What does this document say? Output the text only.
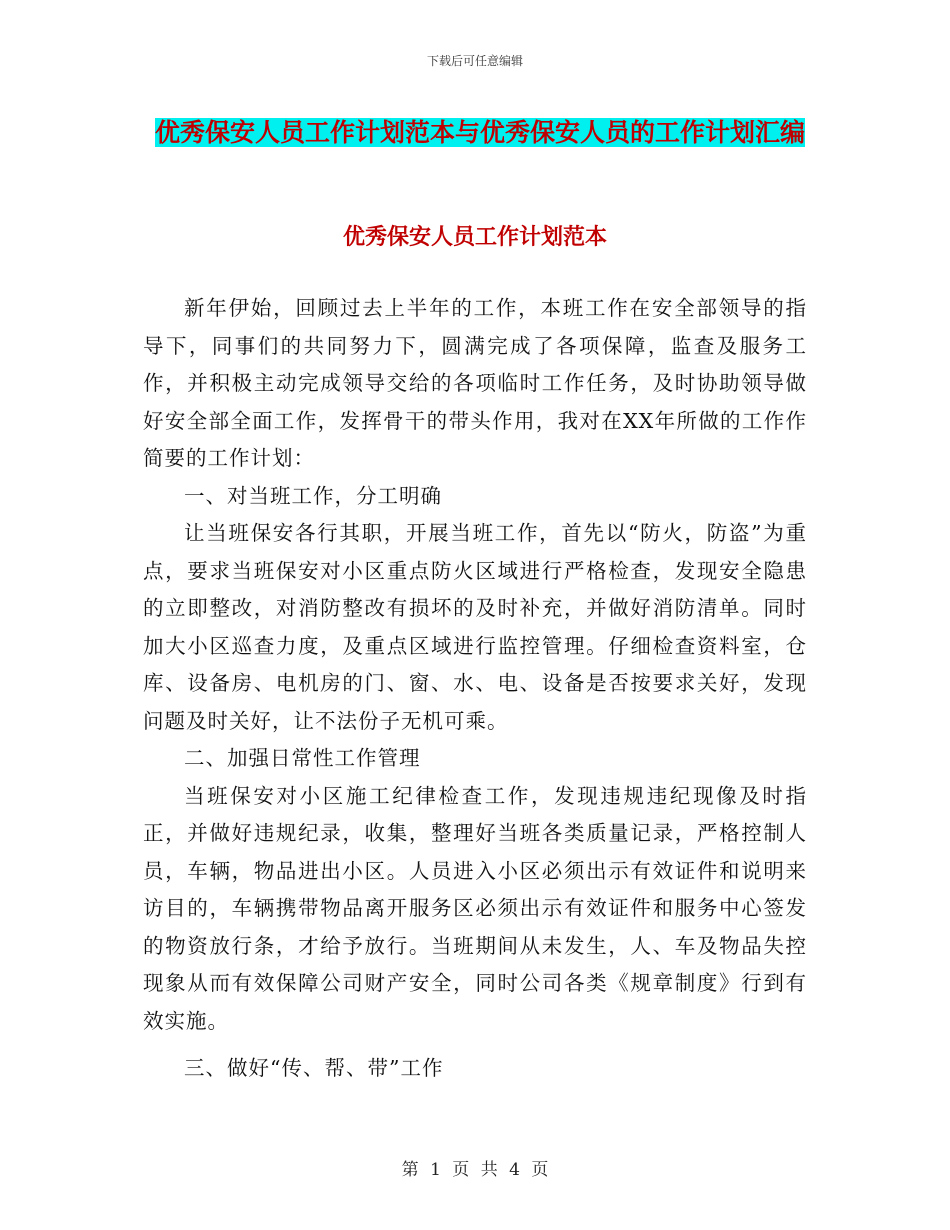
下载后可任意编辑
优秀保安人员工作计划范本与优秀保安人员的工作计划汇编
优秀保安人员工作计划范本

新年伊始，回顾过去上半年的工作，本班工作在安全部领导的指导下，同事们的共同努力下，圆满完成了各项保障，监查及服务工作，并积极主动完成领导交给的各项临时工作任务，及时协助领导做好安全部全面工作，发挥骨干的带头作用，我对在XX年所做的工作作简要的工作计划：

一、对当班工作，分工明确

让当班保安各行其职，开展当班工作，首先以“防火，防盗”为重点，要求当班保安对小区重点防火区域进行严格检查，发现安全隐患的立即整改，对消防整改有损坏的及时补充，并做好消防清单。同时加大小区巡查力度，及重点区域进行监控管理。仔细检查资料室，仓库、设备房、电机房的门、窗、水、电、设备是否按要求关好，发现问题及时关好，让不法份子无机可乘。

二、加强日常性工作管理

当班保安对小区施工纪律检查工作，发现违规违纪现像及时指正，并做好违规纪录，收集，整理好当班各类质量记录，严格控制人员，车辆，物品进出小区。人员进入小区必须出示有效证件和说明来访目的，车辆携带物品离开服务区必须出示有效证件和服务中心签发的物资放行条，才给予放行。当班期间从未发生，人、车及物品失控现象从而有效保障公司财产安全，同时公司各类《规章制度》行到有效实施。

三、做好“传、帮、带”工作

第 1 页 共 4 页
